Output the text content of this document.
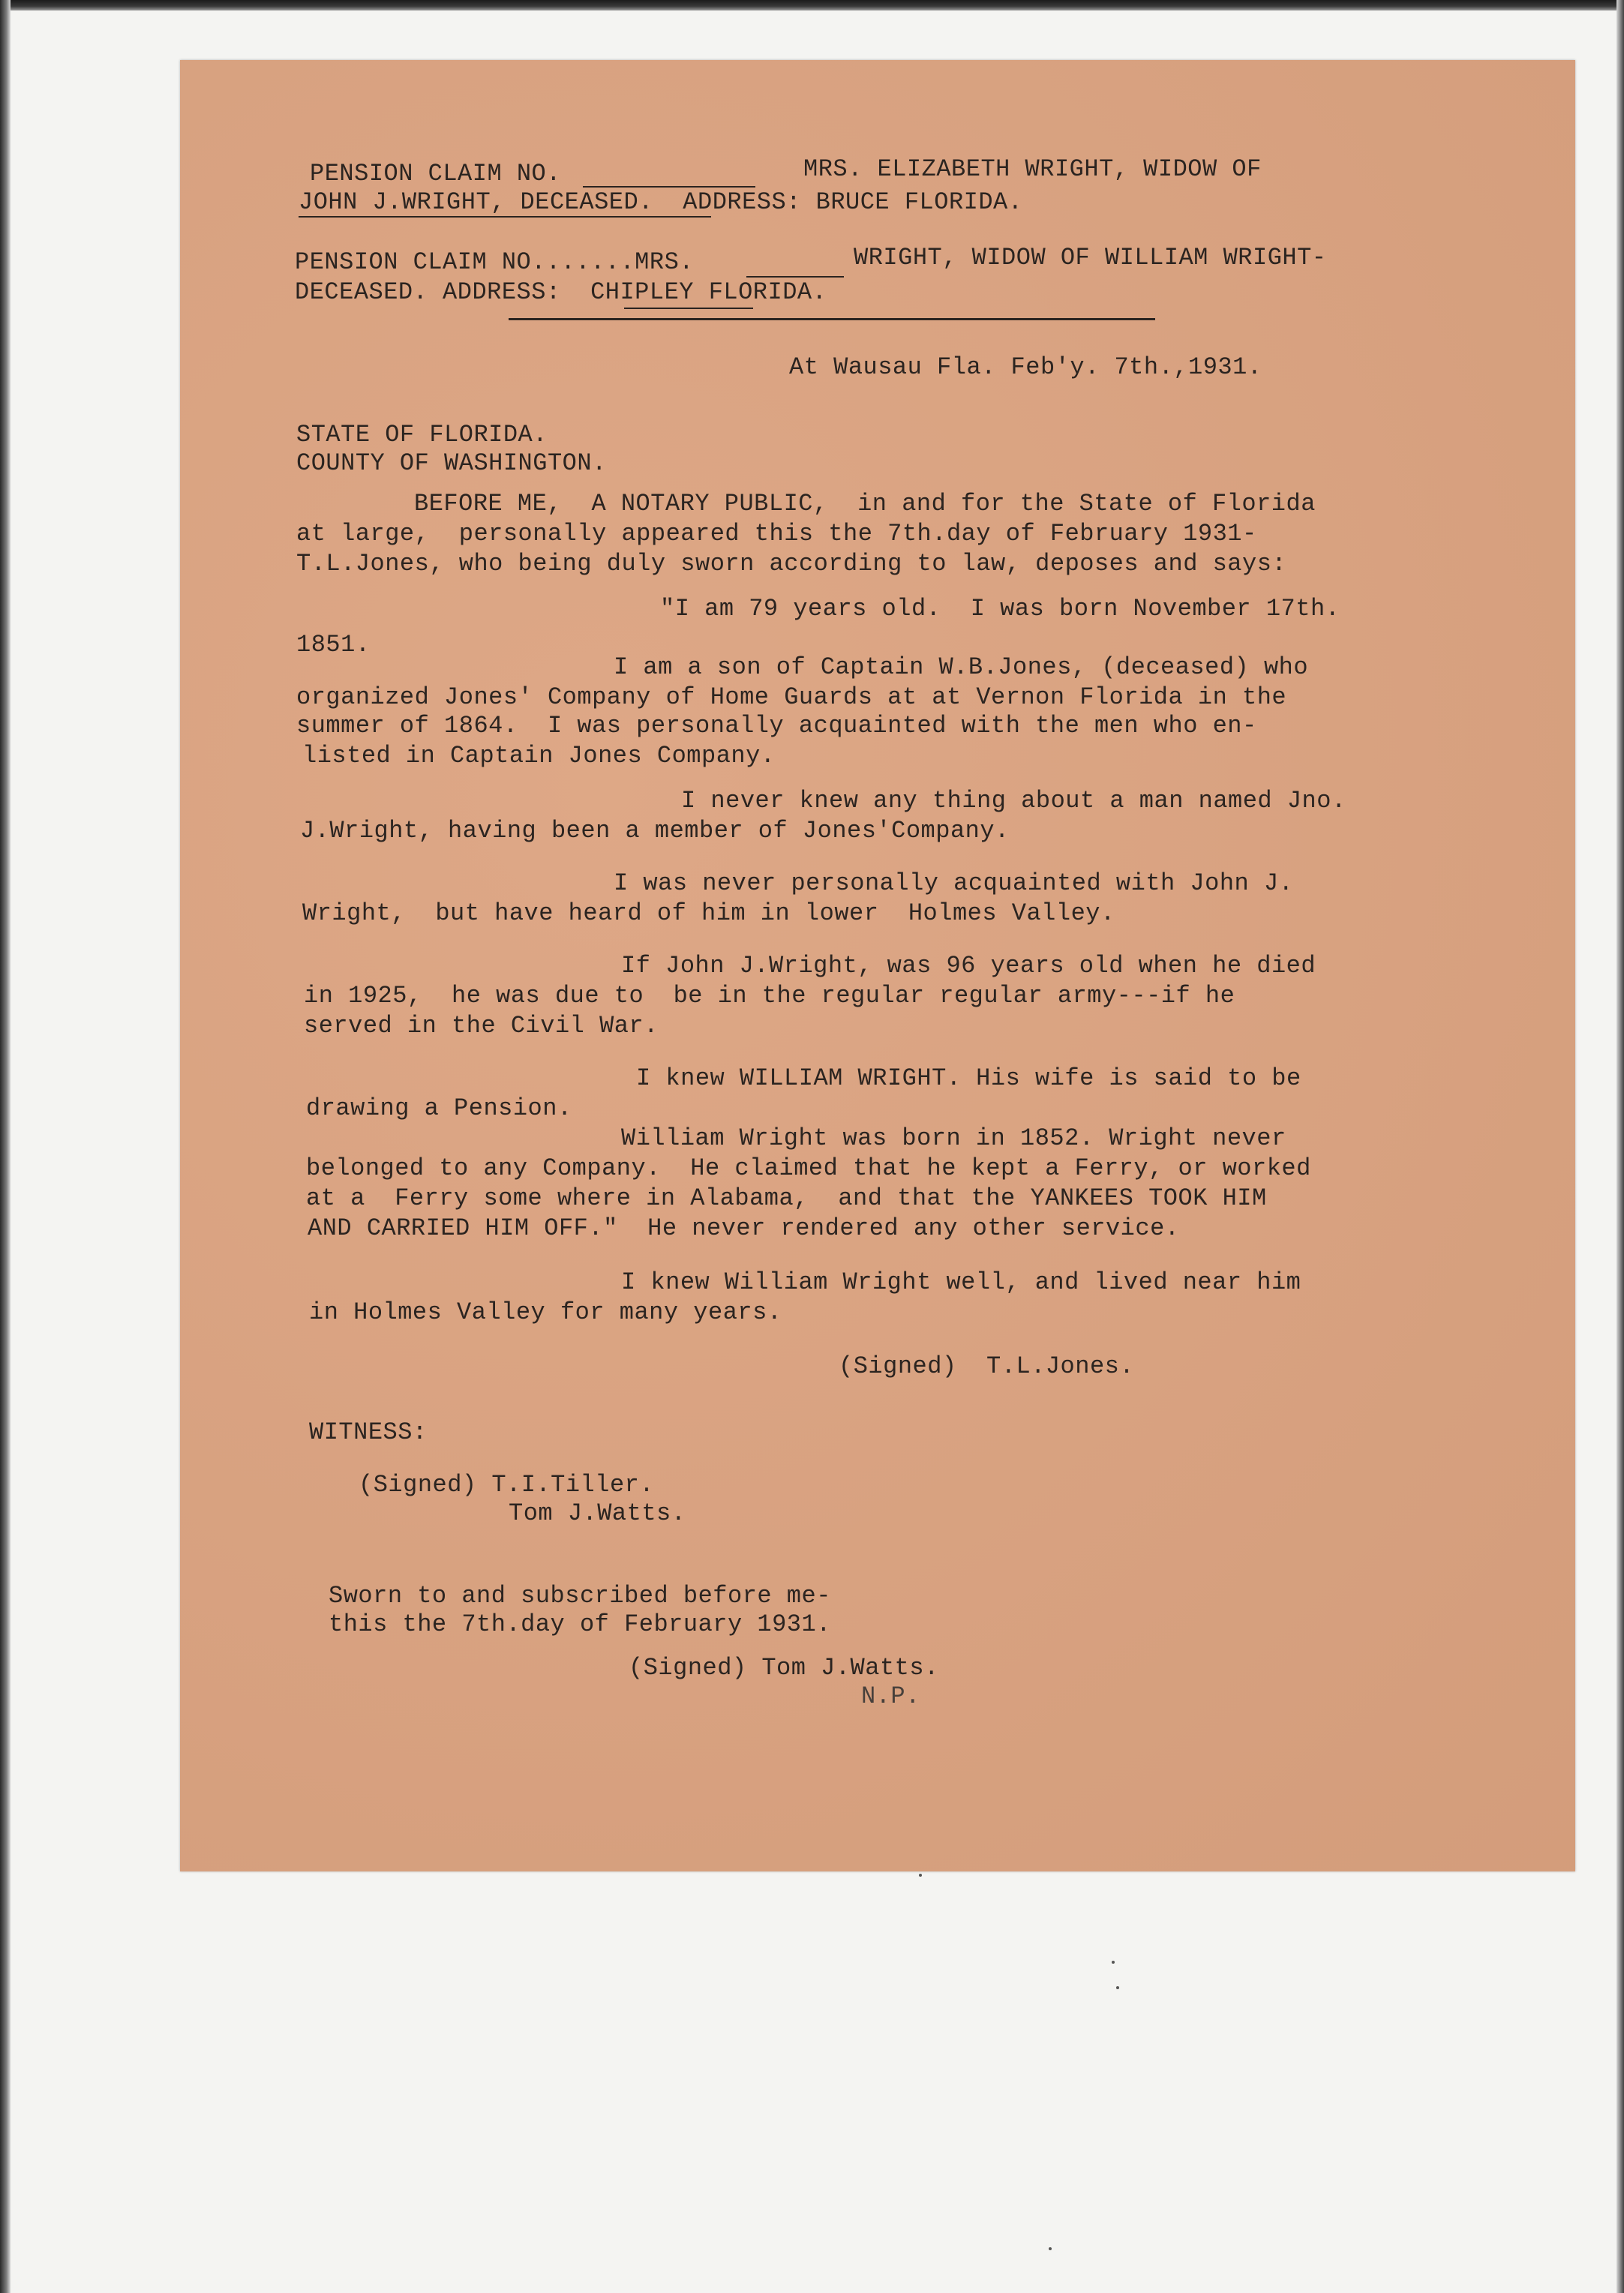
PENSION CLAIM NO.	MRS. ELIZABETH WRIGHT, WIDOW OF

JOHN J.WRIGHT, DECEASED.  ADDRESS: BRUCE FLORIDA.

PENSION CLAIM NO.......MRS.	WRIGHT, WIDOW OF WILLIAM WRIGHT-

DECEASED. ADDRESS:  CHIPLEY FLORIDA.

At Wausau Fla. Feb'y. 7th.,1931.

STATE OF FLORIDA.

COUNTY OF WASHINGTON.

BEFORE ME,  A NOTARY PUBLIC,  in and for the State of Florida

at large,  personally appeared this the 7th.day of February 1931-

T.L.Jones, who being duly sworn according to law, deposes and says:

"I am 79 years old.  I was born November 17th.

1851.

I am a son of Captain W.B.Jones, (deceased) who

organized Jones' Company of Home Guards at at Vernon Florida in the

summer of 1864.  I was personally acquainted with the men who en-

listed in Captain Jones Company.

I never knew any thing about a man named Jno.

J.Wright, having been a member of Jones'Company.

I was never personally acquainted with John J.

Wright,  but have heard of him in lower  Holmes Valley.

If John J.Wright, was 96 years old when he died

in 1925,  he was due to  be in the regular regular army---if he

served in the Civil War.

I knew WILLIAM WRIGHT. His wife is said to be

drawing a Pension.

William Wright was born in 1852. Wright never

belonged to any Company.  He claimed that he kept a Ferry, or worked

at a  Ferry some where in Alabama,  and that the YANKEES TOOK HIM

AND CARRIED HIM OFF."  He never rendered any other service.

I knew William Wright well, and lived near him

in Holmes Valley for many years.

(Signed)  T.L.Jones.

WITNESS:

(Signed) T.I.Tiller.

Tom J.Watts.

Sworn to and subscribed before me-

this the 7th.day of February 1931.

(Signed) Tom J.Watts.

N.P.
